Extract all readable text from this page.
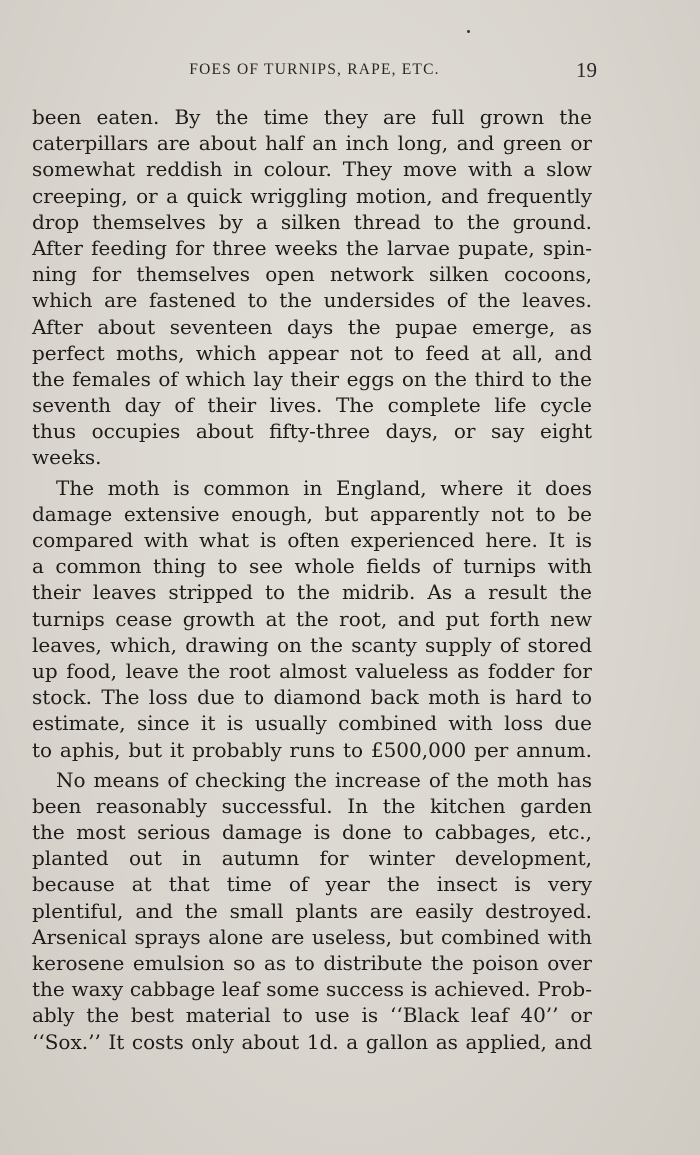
FOES OF TURNIPS, RAPE, ETC.	19
been eaten. By the time they are full grown the
caterpillars are about half an inch long, and green or
somewhat reddish in colour. They move with a slow
creeping, or a quick wriggling motion, and frequently
drop themselves by a silken thread to the ground.
After feeding for three weeks the larvae pupate, spin-
ning for themselves open network silken cocoons,
which are fastened to the undersides of the leaves.
After about seventeen days the pupae emerge, as
perfect moths, which appear not to feed at all, and
the females of which lay their eggs on the third to the
seventh day of their lives. The complete life cycle
thus occupies about fifty-three days, or say eight
weeks.
The moth is common in England, where it does
damage extensive enough, but apparently not to be
compared with what is often experienced here. It is
a common thing to see whole fields of turnips with
their leaves stripped to the midrib. As a result the
turnips cease growth at the root, and put forth new
leaves, which, drawing on the scanty supply of stored
up food, leave the root almost valueless as fodder for
stock. The loss due to diamond back moth is hard to
estimate, since it is usually combined with loss due
to aphis, but it probably runs to £500,000 per annum.
No means of checking the increase of the moth has
been reasonably successful. In the kitchen garden
the most serious damage is done to cabbages, etc.,
planted out in autumn for winter development,
because at that time of year the insect is very
plentiful, and the small plants are easily destroyed.
Arsenical sprays alone are useless, but combined with
kerosene emulsion so as to distribute the poison over
the waxy cabbage leaf some success is achieved. Prob-
ably the best material to use is ‘‘Black leaf 40’’ or
‘‘Sox.’’ It costs only about 1d. a gallon as applied, and
